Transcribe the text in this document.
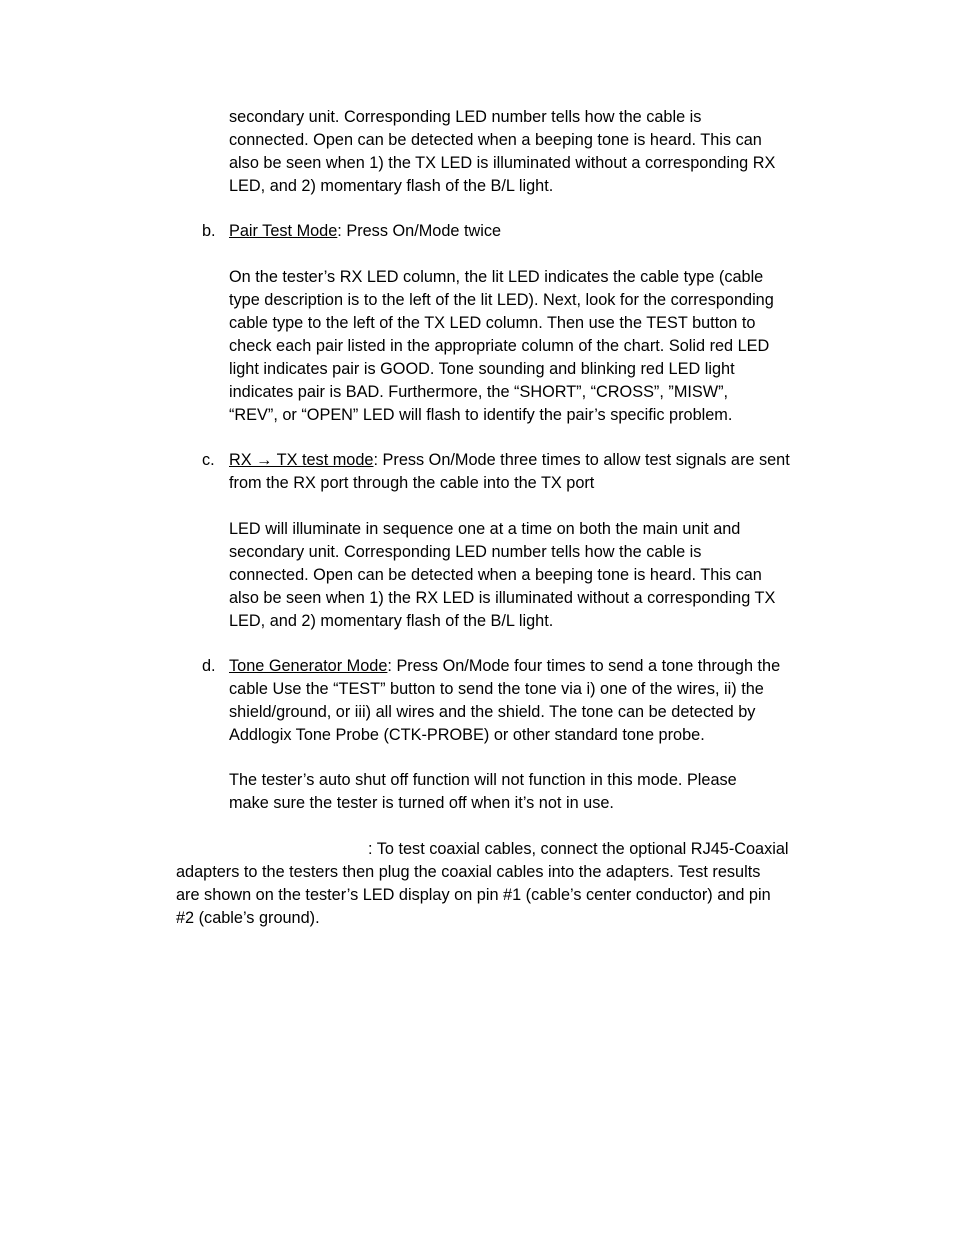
secondary unit. Corresponding LED number tells how the cable is
connected. Open can be detected when a beeping tone is heard. This can
also be seen when 1) the TX LED is illuminated without a corresponding RX
LED, and 2) momentary flash of the B/L light.

b. Pair Test Mode: Press On/Mode twice

On the tester’s RX LED column, the lit LED indicates the cable type (cable
type description is to the left of the lit LED). Next, look for the corresponding
cable type to the left of the TX LED column. Then use the TEST button to
check each pair listed in the appropriate column of the chart. Solid red LED
light indicates pair is GOOD. Tone sounding and blinking red LED light
indicates pair is BAD. Furthermore, the “SHORT”, “CROSS”, ”MISW”,
“REV”, or “OPEN” LED will flash to identify the pair’s specific problem.

c. RX → TX test mode: Press On/Mode three times to allow test signals are sent
from the RX port through the cable into the TX port

LED will illuminate in sequence one at a time on both the main unit and
secondary unit. Corresponding LED number tells how the cable is
connected. Open can be detected when a beeping tone is heard. This can
also be seen when 1) the RX LED is illuminated without a corresponding TX
LED, and 2) momentary flash of the B/L light.

d. Tone Generator Mode: Press On/Mode four times to send a tone through the
cable Use the “TEST” button to send the tone via i) one of the wires, ii) the
shield/ground, or iii) all wires and the shield. The tone can be detected by
Addlogix Tone Probe (CTK-PROBE) or other standard tone probe.

The tester’s auto shut off function will not function in this mode. Please
make sure the tester is turned off when it’s not in use.

: To test coaxial cables, connect the optional RJ45-Coaxial
adapters to the testers then plug the coaxial cables into the adapters. Test results
are shown on the tester’s LED display on pin #1 (cable’s center conductor) and pin
#2 (cable’s ground).
